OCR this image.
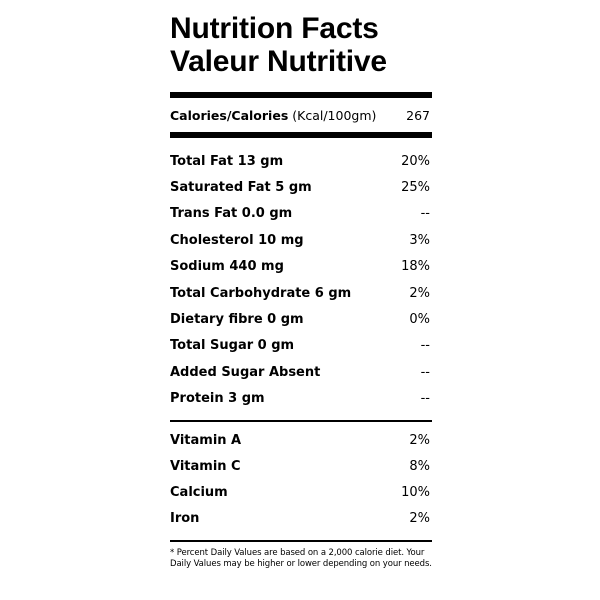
Nutrition Facts
Valeur Nutritive
Calories/Calories (Kcal/100gm) 267
Total Fat 13 gm	20%
Saturated Fat 5 gm	25%
Trans Fat 0.0 gm	--
Cholesterol 10 mg	3%
Sodium 440 mg	18%
Total Carbohydrate 6 gm	2%
Dietary fibre 0 gm	0%
Total Sugar 0 gm	--
Added Sugar Absent	--
Protein 3 gm	--
Vitamin A	2%
Vitamin C	8%
Calcium	10%
Iron	2%
* Percent Daily Values are based on a 2,000 calorie diet. Your Daily Values may be higher or lower depending on your needs.
